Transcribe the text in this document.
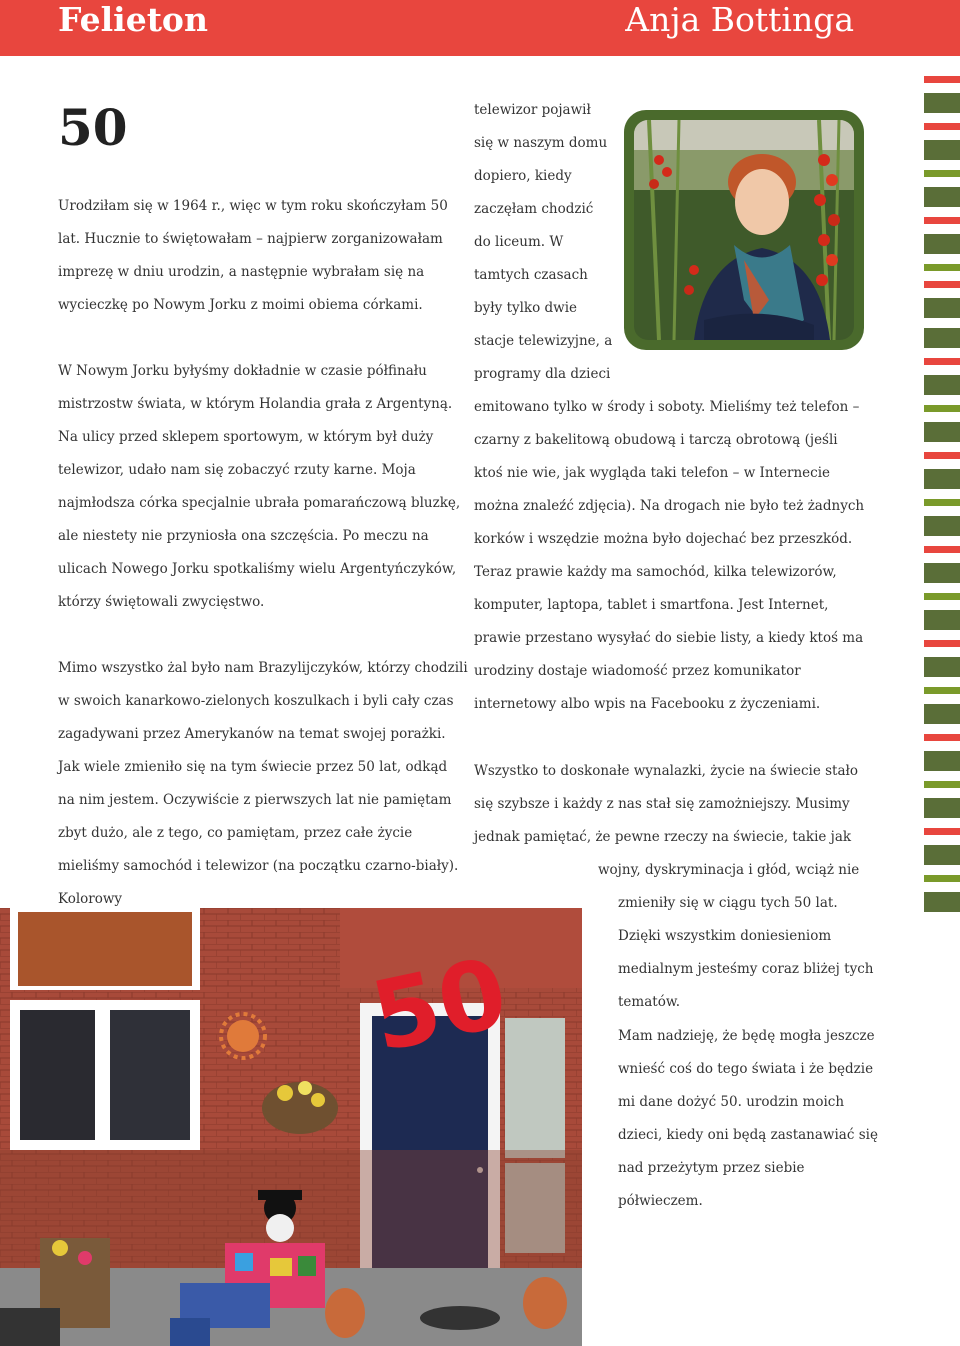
Felieton	Anja Bottinga
50

Urodziłam się w 1964 r., więc w tym roku skończyłam 50 lat. Hucznie to świętowałam – najpierw zorganizowałam imprezę w dniu urodzin, a następnie wybrałam się na wycieczkę po Nowym Jorku z moimi obiema córkami.

W Nowym Jorku byłyśmy dokładnie w czasie półfinału mistrzostw świata, w którym Holandia grała z Argentyną. Na ulicy przed sklepem sportowym, w którym był duży telewizor, udało nam się zobaczyć rzuty karne. Moja najmłodsza córka specjalnie ubrała pomarańczową bluzkę, ale niestety nie przyniosła ona szczęścia. Po meczu na ulicach Nowego Jorku spotkaliśmy wielu Argentyńczyków, którzy świętowali zwycięstwo.

Mimo wszystko żal było nam Brazylijczyków, którzy chodzili w swoich kanarkowo-zielonych koszulkach i byli cały czas zagadywani przez Amerykanów na temat swojej porażki. Jak wiele zmieniło się na tym świecie przez 50 lat, odkąd na nim jestem. Oczywiście z pierwszych lat nie pamiętam zbyt dużo, ale z tego, co pamiętam, przez całe życie mieliśmy samochód i telewizor (na początku czarno-biały). Kolorowy

telewizor pojawił się w naszym domu dopiero, kiedy zaczęłam chodzić do liceum. W tamtych czasach były tylko dwie stacje telewizyjne, a programy dla dzieci

emitowano tylko w środy i soboty. Mieliśmy też telefon – czarny z bakelitową obudową i tarczą obrotową (jeśli ktoś nie wie, jak wygląda taki telefon – w Internecie można znaleźć zdjęcia). Na drogach nie było też żadnych korków i wszędzie można było dojechać bez przeszkód. Teraz prawie każdy ma samochód, kilka telewizorów, komputer, laptopa, tablet i smartfona. Jest Internet, prawie przestano wysyłać do siebie listy, a kiedy ktoś ma urodziny dostaje wiadomość przez komunikator internetowy albo wpis na Facebooku z życzeniami.

Wszystko to doskonałe wynalazki, życie na świecie stało się szybsze i każdy z nas stał się zamożniejszy. Musimy jednak pamiętać, że pewne rzeczy na świecie, takie jak

wojny, dyskryminacja i głód, wciąż nie

zmieniły się w ciągu tych 50 lat. Dzięki wszystkim doniesieniom medialnym jesteśmy coraz bliżej tych tematów.

Mam nadzieję, że będę mogła jeszcze wnieść coś do tego świata i że będzie mi dane dożyć 50. urodzin moich dzieci, kiedy oni będą zastanawiać się nad przeżytym przez siebie półwieczem.

50
